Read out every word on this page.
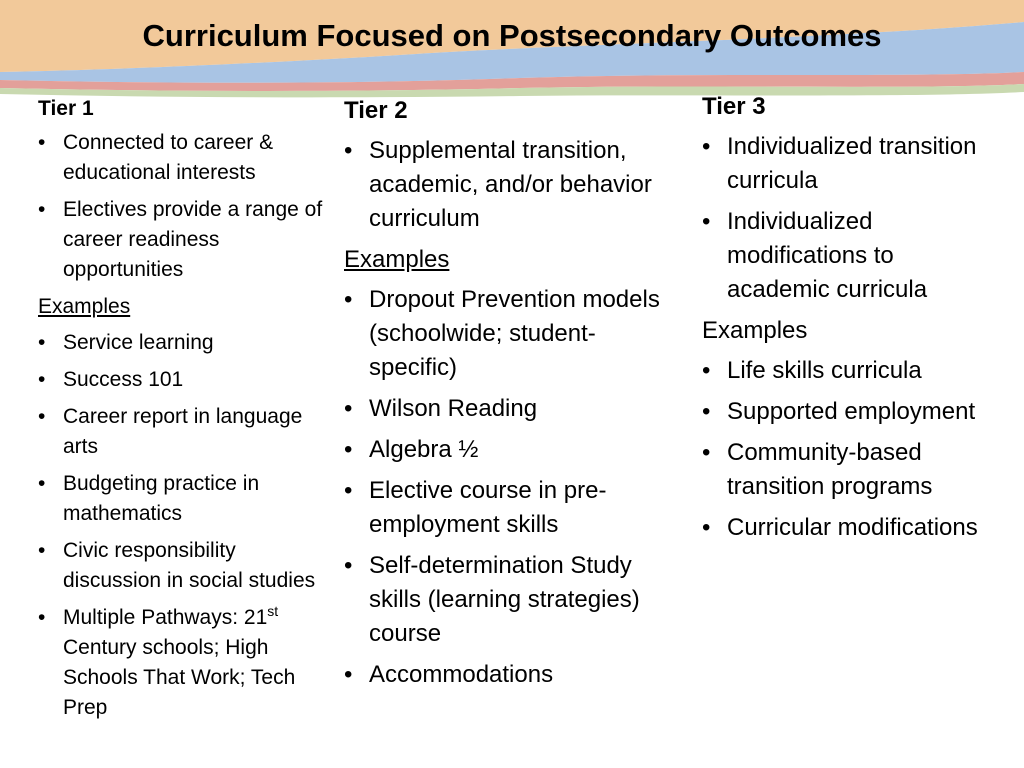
Curriculum Focused on Postsecondary Outcomes
Tier 1
• Connected to career & educational interests
• Electives provide a range of career readiness opportunities
Examples
• Service learning
• Success 101
• Career report in language arts
• Budgeting practice in mathematics
• Civic responsibility discussion in social studies
• Multiple Pathways: 21st Century schools; High Schools That Work; Tech Prep
Tier 2
• Supplemental transition, academic, and/or behavior curriculum
Examples
• Dropout Prevention models (schoolwide; student-specific)
• Wilson Reading
• Algebra ½
• Elective course in pre-employment skills
• Self-determination Study skills (learning strategies) course
• Accommodations
Tier 3
• Individualized transition curricula
• Individualized modifications to academic curricula
Examples
• Life skills curricula
• Supported employment
• Community-based transition programs
• Curricular modifications
